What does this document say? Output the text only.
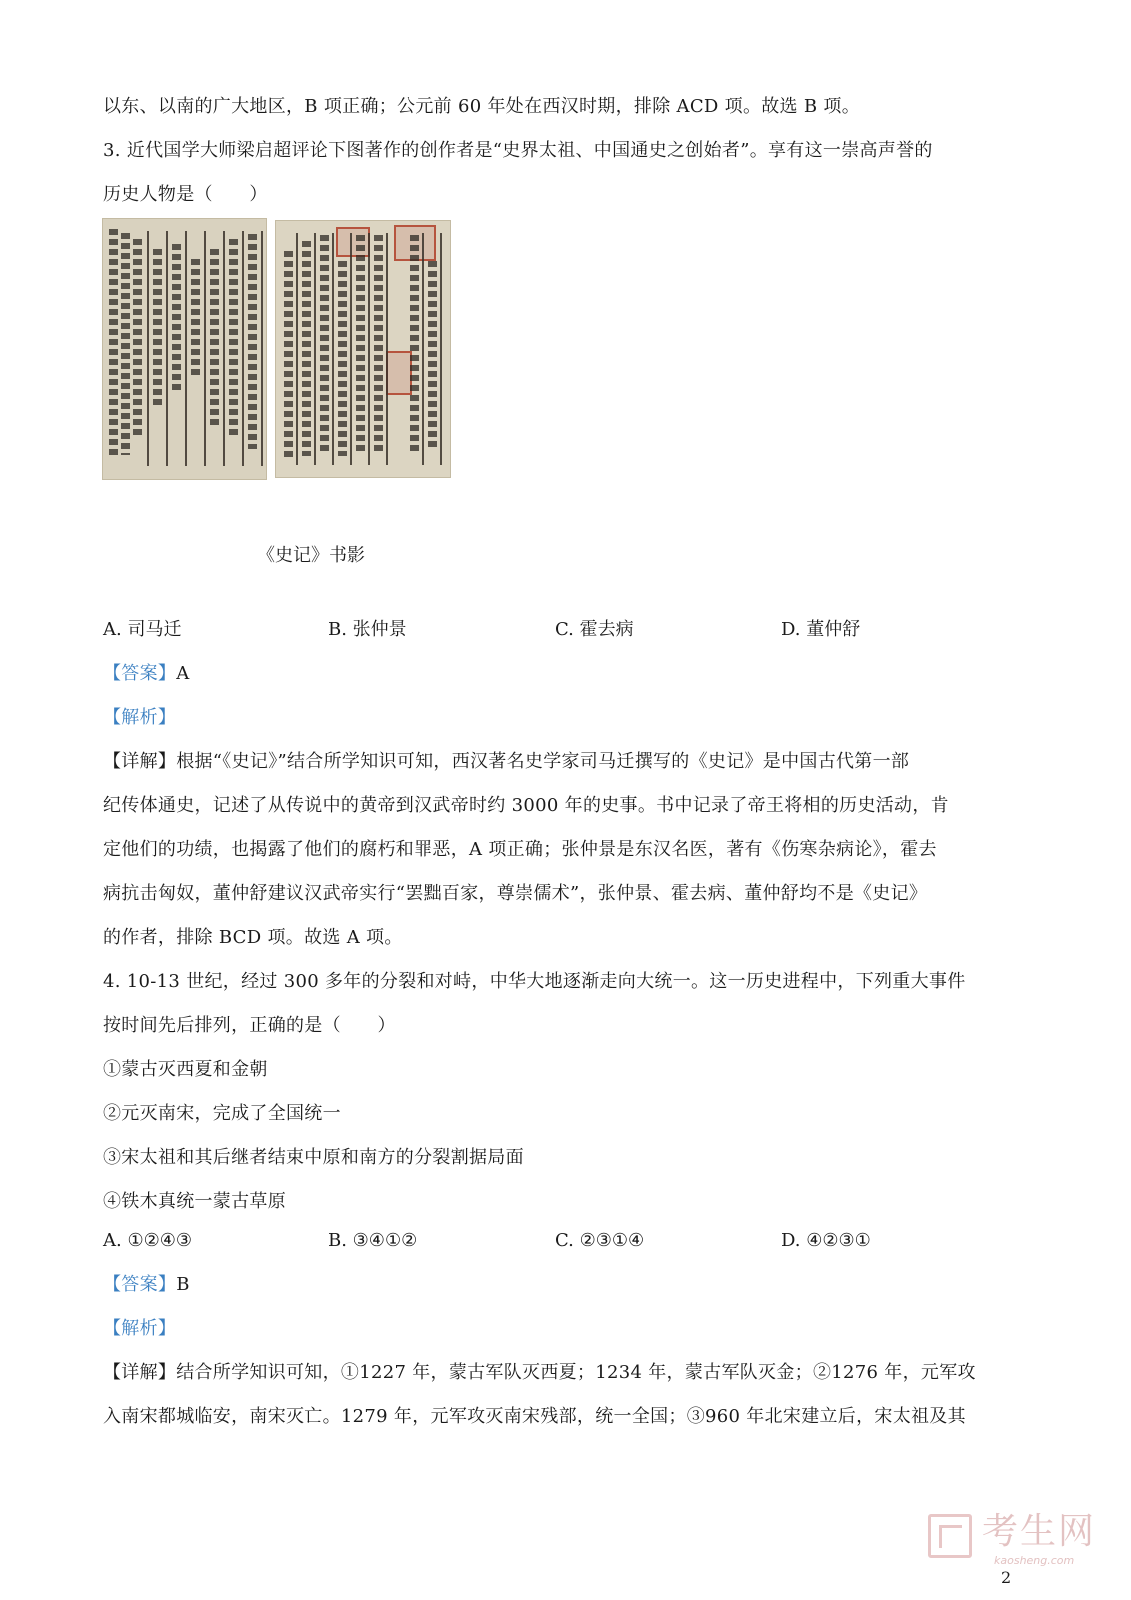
以东、以南的广大地区，B 项正确；公元前 60 年处在西汉时期，排除 ACD 项。故选 B 项。
3. 近代国学大师梁启超评论下图著作的创作者是“史界太祖、中国通史之创始者”。享有这一崇高声誉的
历史人物是（　　）
《史记》书影
A. 司马迁	B. 张仲景	C. 霍去病	D. 董仲舒
【答案】A
【解析】
【详解】根据“《史记》”结合所学知识可知，西汉著名史学家司马迁撰写的《史记》是中国古代第一部
纪传体通史，记述了从传说中的黄帝到汉武帝时约 3000 年的史事。书中记录了帝王将相的历史活动，肯
定他们的功绩，也揭露了他们的腐朽和罪恶，A 项正确；张仲景是东汉名医，著有《伤寒杂病论》，霍去
病抗击匈奴，董仲舒建议汉武帝实行“罢黜百家，尊崇儒术”，张仲景、霍去病、董仲舒均不是《史记》
的作者，排除 BCD 项。故选 A 项。
4. 10-13 世纪，经过 300 多年的分裂和对峙，中华大地逐渐走向大统一。这一历史进程中，下列重大事件
按时间先后排列，正确的是（　　）
①蒙古灭西夏和金朝
②元灭南宋，完成了全国统一
③宋太祖和其后继者结束中原和南方的分裂割据局面
④铁木真统一蒙古草原
A. ①②④③	B. ③④①②	C. ②③①④	D. ④②③①
【答案】B
【解析】
【详解】结合所学知识可知，①1227 年，蒙古军队灭西夏；1234 年，蒙古军队灭金；②1276 年，元军攻
入南宋都城临安，南宋灭亡。1279 年，元军攻灭南宋残部，统一全国；③960 年北宋建立后，宋太祖及其
考生网
kaosheng.com
2
